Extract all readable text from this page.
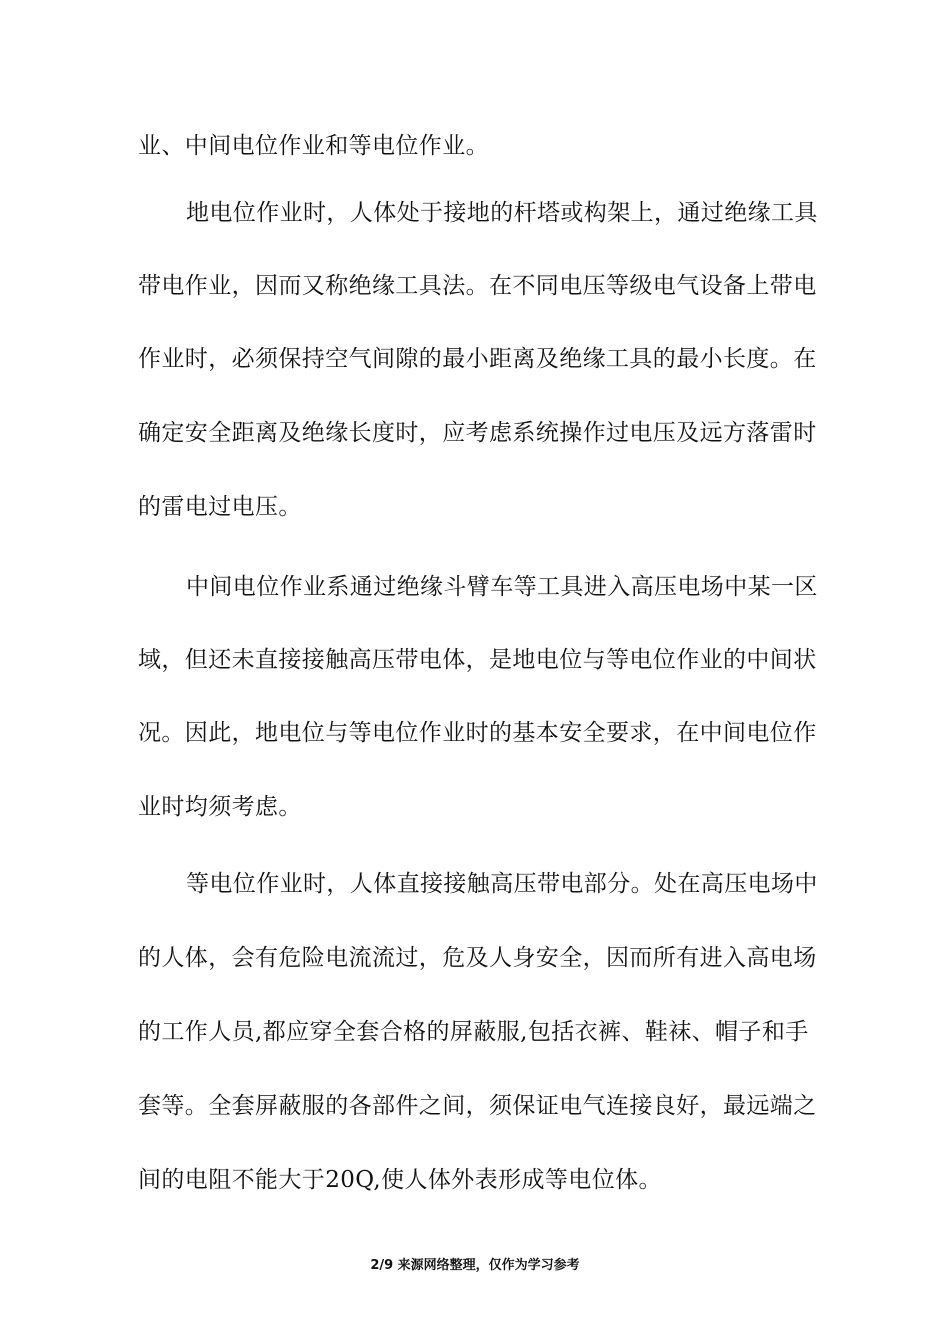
业、中间电位作业和等电位作业。
地电位作业时，人体处于接地的杆塔或构架上，通过绝缘工具
带电作业，因而又称绝缘工具法。在不同电压等级电气设备上带电
作业时，必须保持空气间隙的最小距离及绝缘工具的最小长度。在
确定安全距离及绝缘长度时，应考虑系统操作过电压及远方落雷时
的雷电过电压。
中间电位作业系通过绝缘斗臂车等工具进入高压电场中某一区
域，但还未直接接触高压带电体，是地电位与等电位作业的中间状
况。因此，地电位与等电位作业时的基本安全要求，在中间电位作
业时均须考虑。
等电位作业时，人体直接接触高压带电部分。处在高压电场中
的人体，会有危险电流流过，危及人身安全，因而所有进入高电场
的工作人员,都应穿全套合格的屏蔽服,包括衣裤、鞋袜、帽子和手
套等。全套屏蔽服的各部件之间，须保证电气连接良好，最远端之
间的电阻不能大于20Q,使人体外表形成等电位体。
2/9 来源网络整理，仅作为学习参考
